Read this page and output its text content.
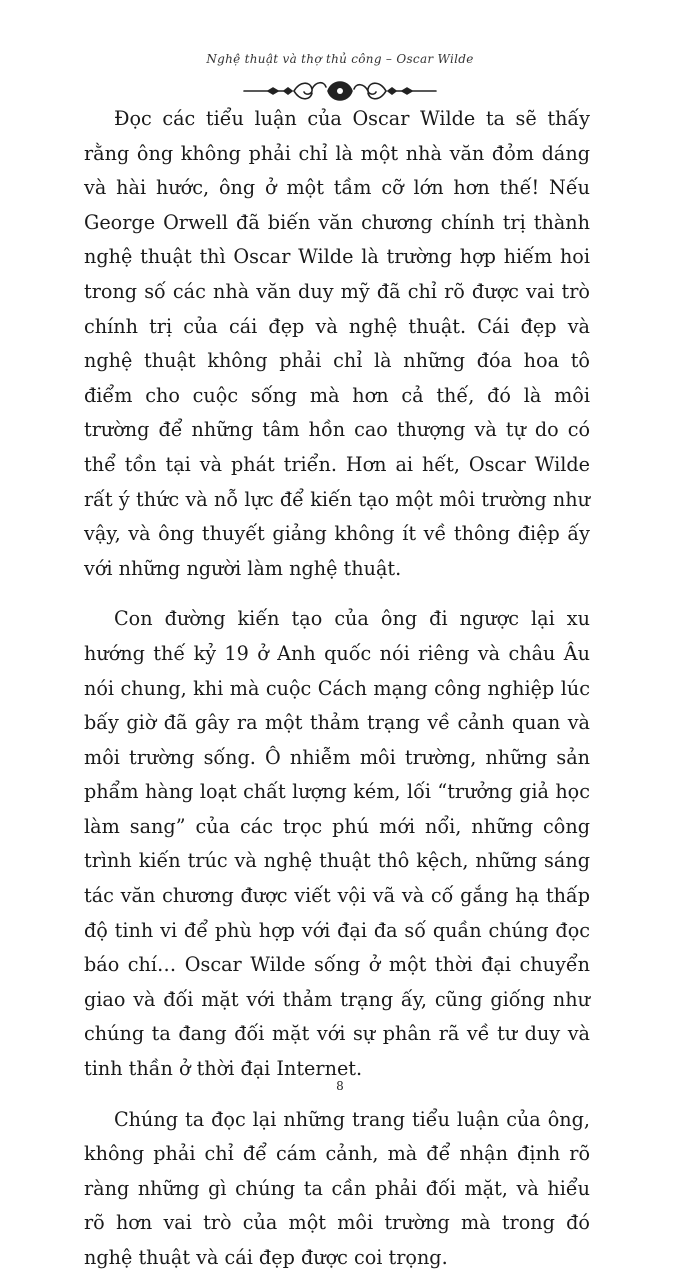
Nghệ thuật và thợ thủ công – Oscar Wilde

Đọc các tiểu luận của Oscar Wilde ta sẽ thấy rằng ông không phải chỉ là một nhà văn đỏm dáng và hài hước, ông ở một tầm cỡ lớn hơn thế! Nếu George Orwell đã biến văn chương chính trị thành nghệ thuật thì Oscar Wilde là trường hợp hiếm hoi trong số các nhà văn duy mỹ đã chỉ rõ được vai trò chính trị của cái đẹp và nghệ thuật. Cái đẹp và nghệ thuật không phải chỉ là những đóa hoa tô điểm cho cuộc sống mà hơn cả thế, đó là môi trường để những tâm hồn cao thượng và tự do có thể tồn tại và phát triển. Hơn ai hết, Oscar Wilde rất ý thức và nỗ lực để kiến tạo một môi trường như vậy, và ông thuyết giảng không ít về thông điệp ấy với những người làm nghệ thuật.

Con đường kiến tạo của ông đi ngược lại xu hướng thế kỷ 19 ở Anh quốc nói riêng và châu Âu nói chung, khi mà cuộc Cách mạng công nghiệp lúc bấy giờ đã gây ra một thảm trạng về cảnh quan và môi trường sống. Ô nhiễm môi trường, những sản phẩm hàng loạt chất lượng kém, lối “trưởng giả học làm sang” của các trọc phú mới nổi, những công trình kiến trúc và nghệ thuật thô kệch, những sáng tác văn chương được viết vội vã và cố gắng hạ thấp độ tinh vi để phù hợp với đại đa số quần chúng đọc báo chí… Oscar Wilde sống ở một thời đại chuyển giao và đối mặt với thảm trạng ấy, cũng giống như chúng ta đang đối mặt với sự phân rã về tư duy và tinh thần ở thời đại Internet.

Chúng ta đọc lại những trang tiểu luận của ông, không phải chỉ để cám cảnh, mà để nhận định rõ ràng những gì chúng ta cần phải đối mặt, và hiểu rõ hơn vai trò của một môi trường mà trong đó nghệ thuật và cái đẹp được coi trọng.

8
